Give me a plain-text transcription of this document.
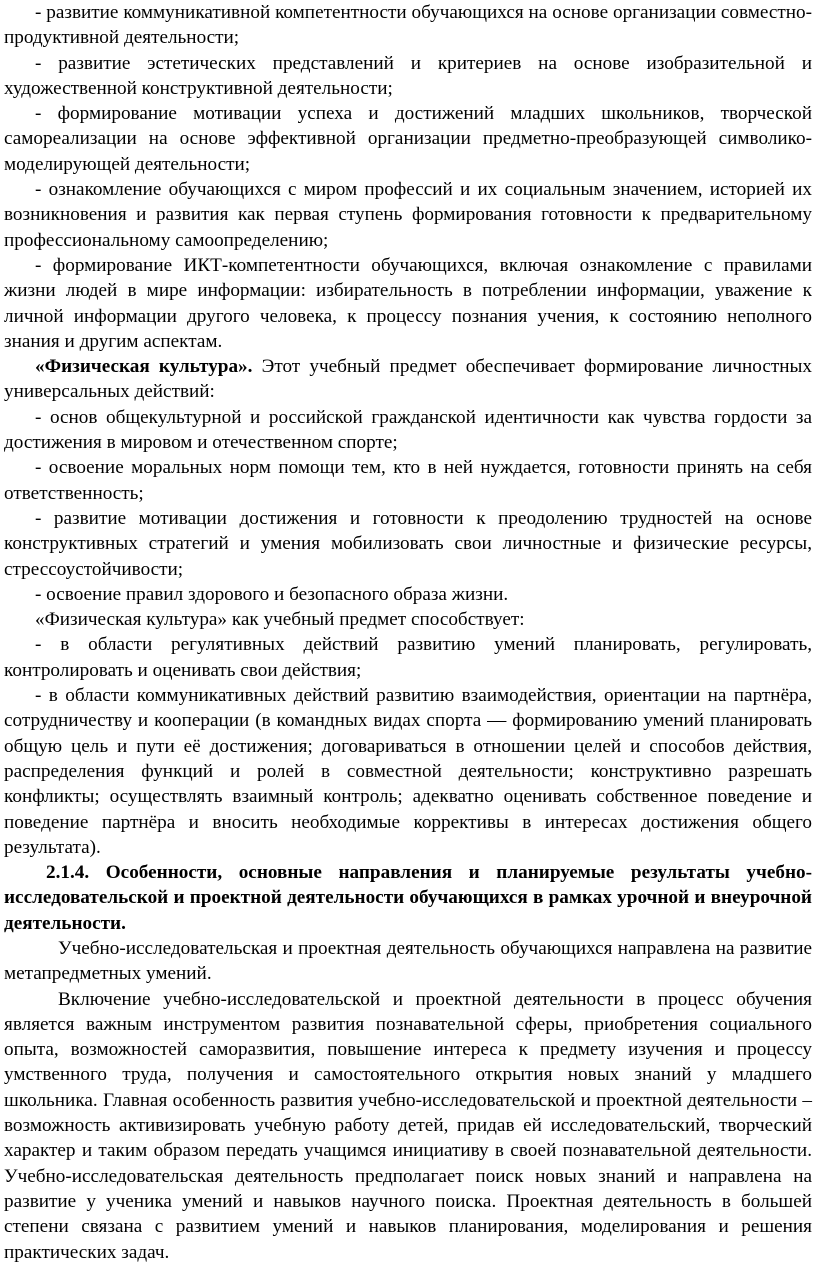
- развитие коммуникативной компетентности обучающихся на основе организации совместно-продуктивной деятельности;

- развитие эстетических представлений и критериев на основе изобразительной и художественной конструктивной деятельности;

- формирование мотивации успеха и достижений младших школьников, творческой самореализации на основе эффективной организации предметно-преобразующей символико-моделирующей деятельности;

- ознакомление обучающихся с миром профессий и их социальным значением, историей их возникновения и развития как первая ступень формирования готовности к предварительному профессиональному самоопределению;

- формирование ИКТ-компетентности обучающихся, включая ознакомление с правилами жизни людей в мире информации: избирательность в потреблении информации, уважение к личной информации другого человека, к процессу познания учения, к состоянию неполного знания и другим аспектам.

«Физическая культура». Этот учебный предмет обеспечивает формирование личностных универсальных действий:

- основ общекультурной и российской гражданской идентичности как чувства гордости за достижения в мировом и отечественном спорте;

- освоение моральных норм помощи тем, кто в ней нуждается, готовности принять на себя ответственность;

- развитие мотивации достижения и готовности к преодолению трудностей на основе конструктивных стратегий и умения мобилизовать свои личностные и физические ресурсы, стрессоустойчивости;

- освоение правил здорового и безопасного образа жизни.

«Физическая культура» как учебный предмет способствует:

- в области регулятивных действий развитию умений планировать, регулировать, контролировать и оценивать свои действия;

- в области коммуникативных действий развитию взаимодействия, ориентации на партнёра, сотрудничеству и кооперации (в командных видах спорта — формированию умений планировать общую цель и пути её достижения; договариваться в отношении целей и способов действия, распределения функций и ролей в совместной деятельности; конструктивно разрешать конфликты; осуществлять взаимный контроль; адекватно оценивать собственное поведение и поведение партнёра и вносить необходимые коррективы в интересах достижения общего результата).

2.1.4. Особенности, основные направления и планируемые результаты учебно-исследовательской и проектной деятельности обучающихся в рамках урочной и внеурочной деятельности.

Учебно-исследовательская и проектная деятельность обучающихся направлена на развитие метапредметных умений.

Включение учебно-исследовательской и проектной деятельности в процесс обучения является важным инструментом развития познавательной сферы, приобретения социального опыта, возможностей саморазвития, повышение интереса к предмету изучения и процессу умственного труда, получения и самостоятельного открытия новых знаний у младшего школьника. Главная особенность развития учебно-исследовательской и проектной деятельности – возможность активизировать учебную работу детей, придав ей исследовательский, творческий характер и таким образом передать учащимся инициативу в своей познавательной деятельности. Учебно-исследовательская деятельность предполагает поиск новых знаний и направлена на развитие у ученика умений и навыков научного поиска. Проектная деятельность в большей степени связана с развитием умений и навыков планирования, моделирования и решения практических задач.
